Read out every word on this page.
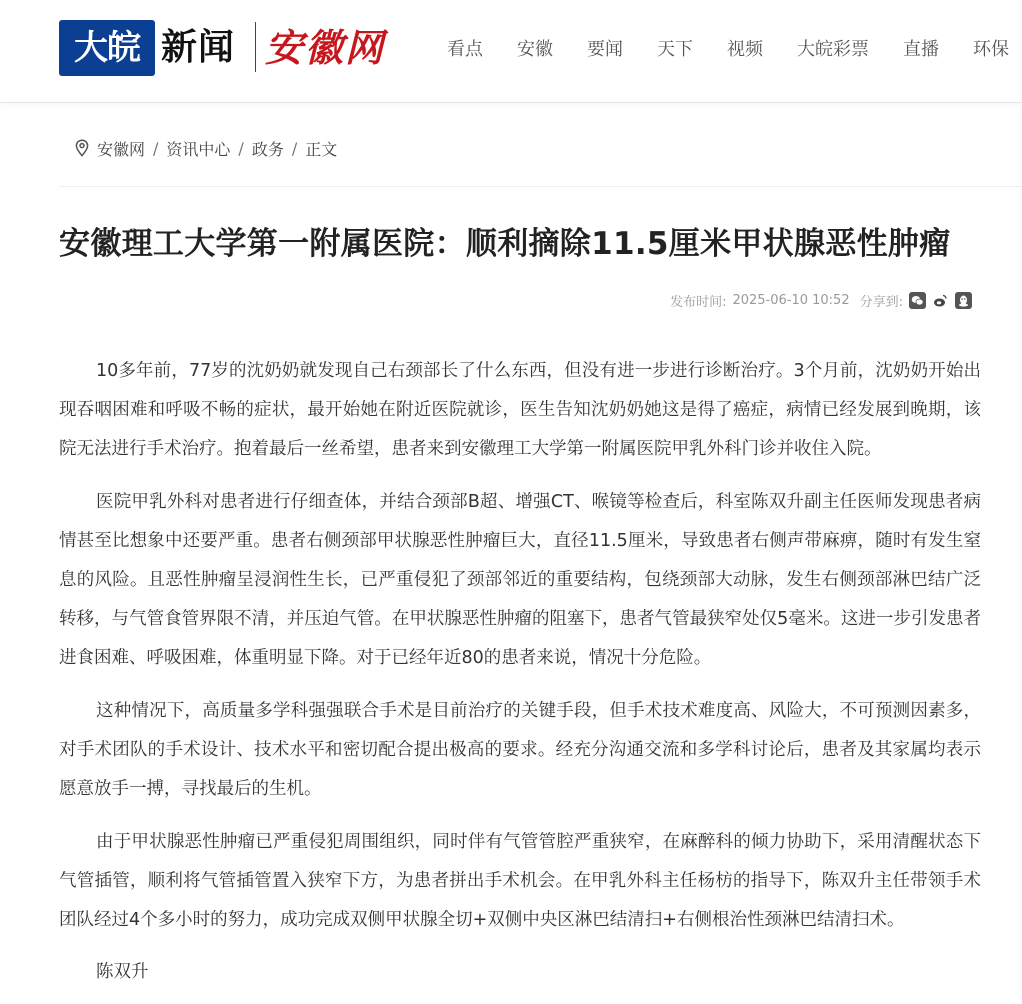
大皖 新闻 安徽网	看点 安徽 要闻 天下 视频 大皖彩票 直播 环保
安徽网 / 资讯中心 / 政务 / 正文
安徽理工大学第一附属医院：顺利摘除11.5厘米甲状腺恶性肿瘤
发布时间: 2025-06-10 10:52 分享到:

10多年前，77岁的沈奶奶就发现自己右颈部长了什么东西，但没有进一步进行诊断治疗。3个月前，沈奶奶开始出现吞咽困难和呼吸不畅的症状，最开始她在附近医院就诊，医生告知沈奶奶她这是得了癌症，病情已经发展到晚期，该院无法进行手术治疗。抱着最后一丝希望，患者来到安徽理工大学第一附属医院甲乳外科门诊并收住入院。

医院甲乳外科对患者进行仔细查体，并结合颈部B超、增强CT、喉镜等检查后，科室陈双升副主任医师发现患者病情甚至比想象中还要严重。患者右侧颈部甲状腺恶性肿瘤巨大，直径11.5厘米，导致患者右侧声带麻痹，随时有发生窒息的风险。且恶性肿瘤呈浸润性生长，已严重侵犯了颈部邻近的重要结构，包绕颈部大动脉，发生右侧颈部淋巴结广泛转移，与气管食管界限不清，并压迫气管。在甲状腺恶性肿瘤的阻塞下，患者气管最狭窄处仅5毫米。这进一步引发患者进食困难、呼吸困难，体重明显下降。对于已经年近80的患者来说，情况十分危险。

这种情况下，高质量多学科强强联合手术是目前治疗的关键手段，但手术技术难度高、风险大，不可预测因素多，对手术团队的手术设计、技术水平和密切配合提出极高的要求。经充分沟通交流和多学科讨论后，患者及其家属均表示愿意放手一搏，寻找最后的生机。

由于甲状腺恶性肿瘤已严重侵犯周围组织，同时伴有气管管腔严重狭窄，在麻醉科的倾力协助下，采用清醒状态下气管插管，顺利将气管插管置入狭窄下方，为患者拼出手术机会。在甲乳外科主任杨枋的指导下，陈双升主任带领手术团队经过4个多小时的努力，成功完成双侧甲状腺全切+双侧中央区淋巴结清扫+右侧根治性颈淋巴结清扫术。

陈双升
